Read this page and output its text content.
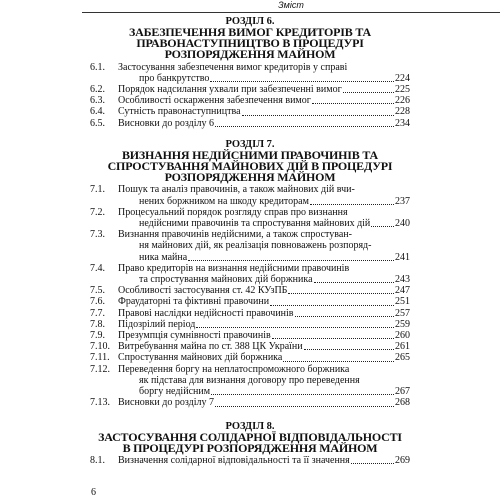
Зміст
РОЗДІЛ 6.
ЗАБЕЗПЕЧЕННЯ ВИМОГ КРЕДИТОРІВ ТА
ПРАВОНАСТУПНИЦТВО В ПРОЦЕДУРІ
РОЗПОРЯДЖЕННЯ МАЙНОМ
6.1.	Застосування забезпечення вимог кредиторів у справі
про банкрутство	224
6.2.	Порядок надсилання ухвали при забезпеченні вимог	225
6.3.	Особливості оскарження забезпечення вимог	226
6.4.	Сутність правонаступництва	228
6.5.	Висновки до розділу 6	234
РОЗДІЛ 7.
ВИЗНАННЯ НЕДІЙСНИМИ ПРАВОЧИНІВ ТА
СПРОСТУВАННЯ МАЙНОВИХ ДІЙ В ПРОЦЕДУРІ
РОЗПОРЯДЖЕННЯ МАЙНОМ
7.1.	Пошук та аналіз правочинів, а також майнових дій вчи-
нених боржником на шкоду кредиторам	237
7.2.	Процесуальний порядок розгляду справ про визнання
недійсними правочинів та спростування майнових дій 240
7.3.	Визнання правочинів недійсними, а також спростуван-
ня майнових дій, як реалізація повноважень розпоряд-
ника майна	241
7.4.	Право кредиторів на визнання недійсними правочинів
та спростування майнових дій боржника	243
7.5.	Особливості застосування ст. 42 КУзПБ	247
7.6.	Фраудаторні та фіктивні правочини	251
7.7.	Правові наслідки недійсності правочинів	257
7.8.	Підозрілий період	259
7.9.	Презумпція сумнівності правочинів	260
7.10. Витребування майна по ст. 388 ЦК України	261
7.11. Спростування майнових дій боржника	265
7.12. Переведення боргу на неплатоспроможного боржника
як підстава для визнання договору про переведення
боргу недійсним	267
7.13. Висновки до розділу 7	268
РОЗДІЛ 8.
ЗАСТОСУВАННЯ СОЛІДАРНОЇ ВІДПОВІДАЛЬНОСТІ
В ПРОЦЕДУРІ РОЗПОРЯДЖЕННЯ МАЙНОМ
8.1.	Визначення солідарної відповідальності та її значення	269
6
